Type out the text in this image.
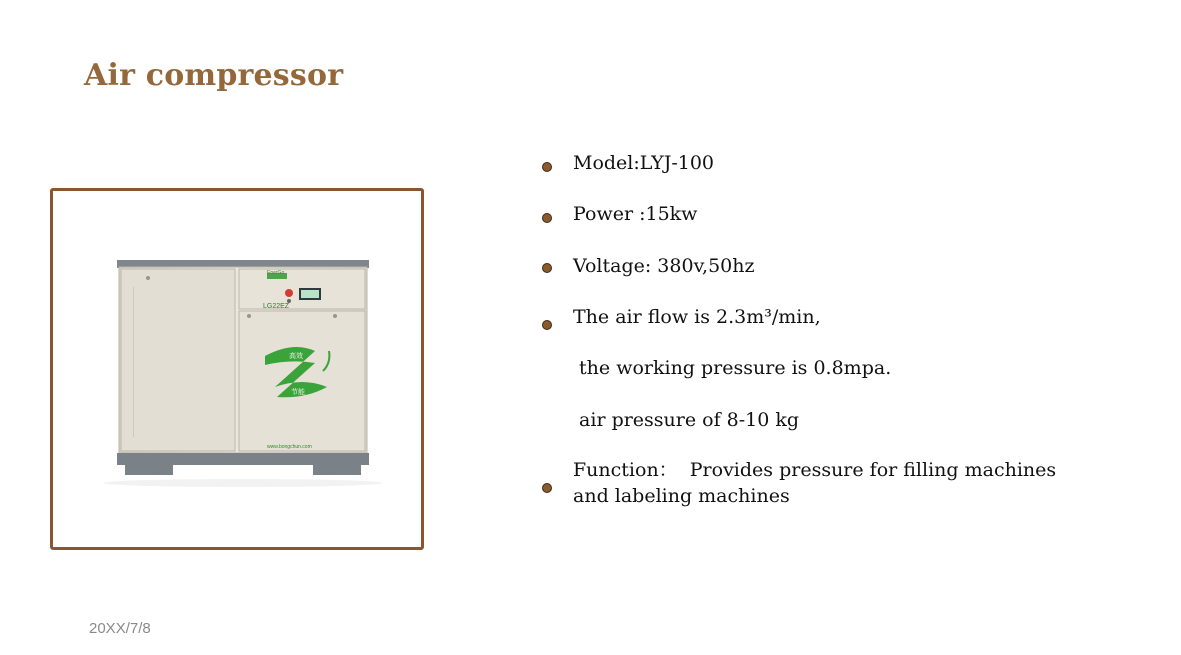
Air compressor
EnerGo
LG22EZ
高效
节能
www.bongchun.com
Model:LYJ-100
Power :15kw
Voltage: 380v,50hz
The air flow is 2.3m³/min,
the working pressure is 0.8mpa.
air pressure of 8-10 kg
Function：  Provides pressure for filling machines and labeling machines
20XX/7/8
